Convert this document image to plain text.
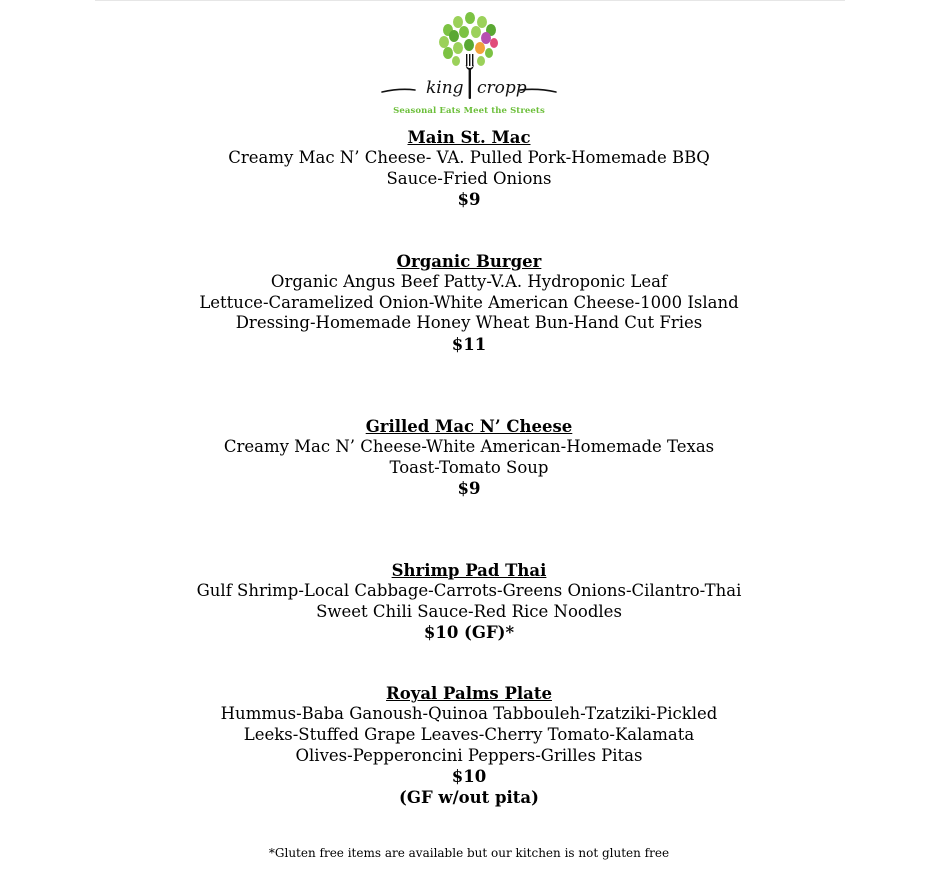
king cropp
Seasonal Eats Meet the Streets
Main St. Mac
Creamy Mac N’ Cheese- VA. Pulled Pork-Homemade BBQ
Sauce-Fried Onions
$9
Organic Burger
Organic Angus Beef Patty-V.A. Hydroponic Leaf
Lettuce-Caramelized Onion-White American Cheese-1000 Island
Dressing-Homemade Honey Wheat Bun-Hand Cut Fries
$11
Grilled Mac N’ Cheese
Creamy Mac N’ Cheese-White American-Homemade Texas
Toast-Tomato Soup
$9
Shrimp Pad Thai
Gulf Shrimp-Local Cabbage-Carrots-Greens Onions-Cilantro-Thai
Sweet Chili Sauce-Red Rice Noodles
$10 (GF)*
Royal Palms Plate
Hummus-Baba Ganoush-Quinoa Tabbouleh-Tzatziki-Pickled
Leeks-Stuffed Grape Leaves-Cherry Tomato-Kalamata
Olives-Pepperoncini Peppers-Grilles Pitas
$10
(GF w/out pita)
*Gluten free items are available but our kitchen is not gluten free
